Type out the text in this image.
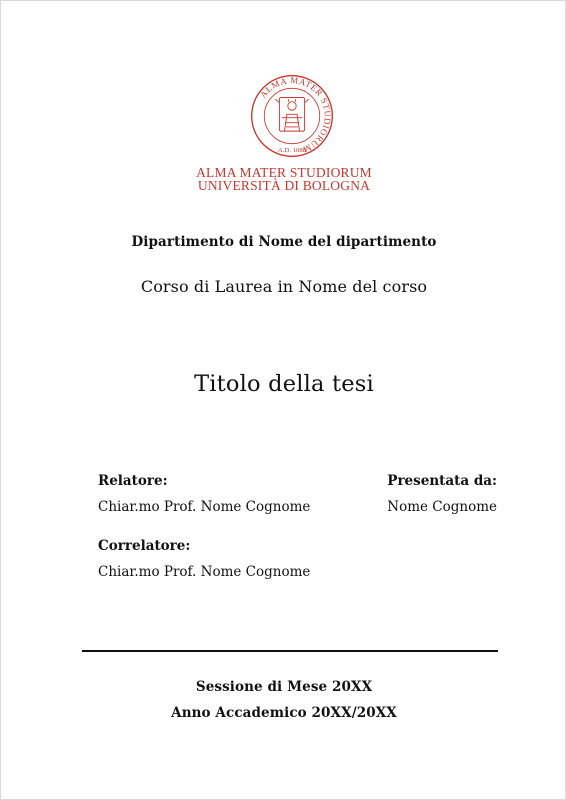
ALMA MATER STUDIORUM
A.D. 1088
ALMA MATER STUDIORUM
UNIVERSITÀ DI BOLOGNA
Dipartimento di Nome del dipartimento
Corso di Laurea in Nome del corso
Titolo della tesi
Relatore:
Chiar.mo Prof. Nome Cognome
Correlatore:
Chiar.mo Prof. Nome Cognome
Presentata da:
Nome Cognome
Sessione di Mese 20XX
Anno Accademico 20XX/20XX
